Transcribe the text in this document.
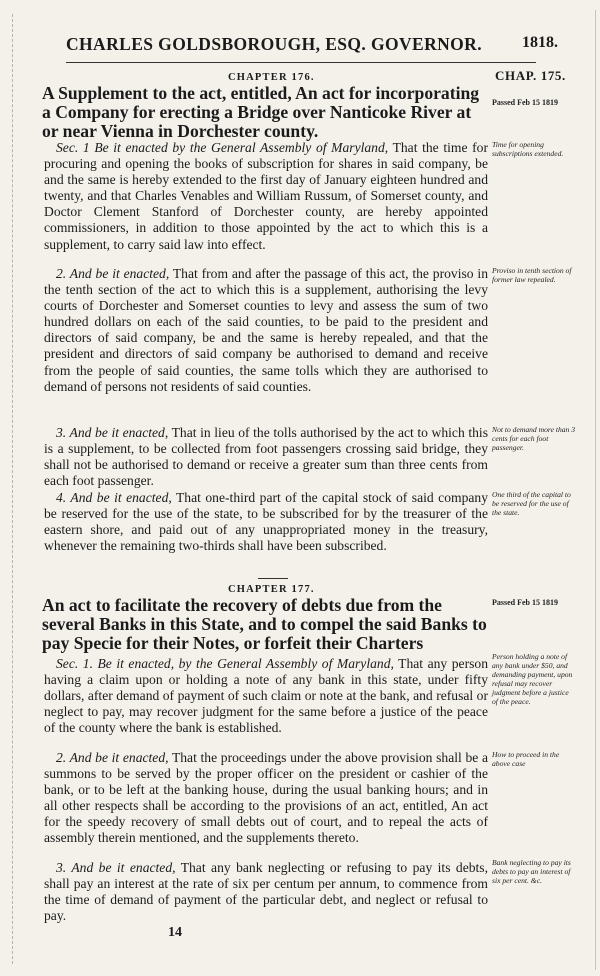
CHARLES GOLDSBOROUGH, ESQ. GOVERNOR.	1818.
CHAPTER 176.	CHAP. 175.
A Supplement to the act, entitled, An act for incorporating a Company for erecting a Bridge over Nanticoke River at or near Vienna in Dorchester county.
Passed Feb 15 1819

Sec. 1 Be it enacted by the General Assembly of Maryland, That the time for procuring and opening the books of subscription for shares in said company, be and the same is hereby extended to the first day of January eighteen hundred and twenty, and that Charles Venables and William Russum, of Somerset county, and Doctor Clement Stanford of Dorchester county, are hereby appointed commissioners, in addition to those appointed by the act to which this is a supplement, to carry said law into effect.

Time for opening subscriptions extended.

2. And be it enacted, That from and after the passage of this act, the proviso in the tenth section of the act to which this is a supplement, authorising the levy courts of Dorchester and Somerset counties to levy and assess the sum of two hundred dollars on each of the said counties, to be paid to the president and directors of said company, be and the same is hereby repealed, and that the president and directors of said company be authorised to demand and receive from the people of said counties, the same tolls which they are authorised to demand of persons not residents of said counties.

Proviso in tenth section of former law repealed.

3. And be it enacted, That in lieu of the tolls authorised by the act to which this is a supplement, to be collected from foot passengers crossing said bridge, they shall not be authorised to demand or receive a greater sum than three cents from each foot passenger.

Not to demand more than 3 cents for each foot passenger.

4. And be it enacted, That one-third part of the capital stock of said company be reserved for the use of the state, to be subscribed for by the treasurer of the eastern shore, and paid out of any unappropriated money in the treasury, whenever the remaining two-thirds shall have been subscribed.

One third of the capital to be reserved for the use of the state.
CHAPTER 177.
An act to facilitate the recovery of debts due from the several Banks in this State, and to compel the said Banks to pay Specie for their Notes, or forfeit their Charters
Passed Feb 15 1819

Sec. 1. Be it enacted, by the General Assembly of Maryland, That any person having a claim upon or holding a note of any bank in this state, under fifty dollars, after demand of payment of such claim or note at the bank, and refusal or neglect to pay, may recover judgment for the same before a justice of the peace of the county where the bank is established.

Person holding a note of any bank under $50, and demanding payment, upon refusal may recover judgment before a justice of the peace.

2. And be it enacted, That the proceedings under the above provision shall be a summons to be served by the proper officer on the president or cashier of the bank, or to be left at the banking house, during the usual banking hours; and in all other respects shall be according to the provisions of an act, entitled, An act for the speedy recovery of small debts out of court, and to repeal the acts of assembly therein mentioned, and the supplements thereto.

How to proceed in the above case

3. And be it enacted, That any bank neglecting or refusing to pay its debts, shall pay an interest at the rate of six per centum per annum, to commence from the time of demand of payment of the particular debt, and neglect or refusal to pay.

Bank neglecting to pay its debts to pay an interest of six per cent. &c.
14
